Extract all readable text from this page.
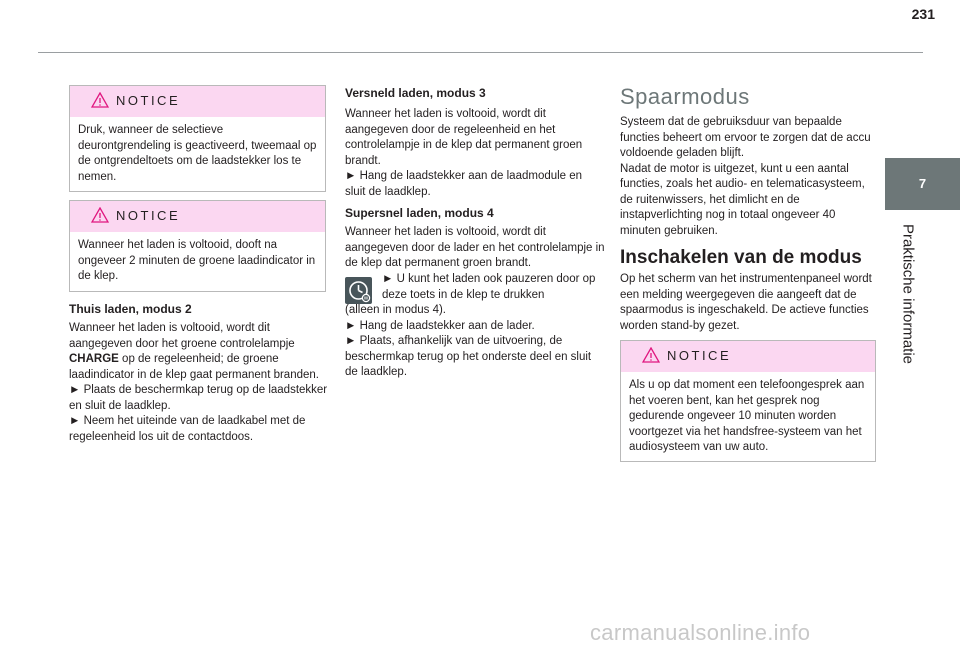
231
7
Praktische informatie
NOTICE
Druk, wanneer de selectieve deurontgrendeling is geactiveerd, tweemaal op de ontgrendeltoets om de laadstekker los te nemen.
NOTICE
Wanneer het laden is voltooid, dooft na ongeveer 2 minuten de groene laadindicator in de klep.
Thuis laden, modus 2

Wanneer het laden is voltooid, wordt dit aangegeven door het groene controlelampje CHARGE op de regeleenheid; de groene laadindicator in de klep gaat permanent branden.

► Plaats de beschermkap terug op de laadstekker en sluit de laadklep.

► Neem het uiteinde van de laadkabel met de regeleenheid los uit de contactdoos.

Versneld laden, modus 3

Wanneer het laden is voltooid, wordt dit aangegeven door de regeleenheid en het controlelampje in de klep dat permanent groen brandt.

► Hang de laadstekker aan de laadmodule en sluit de laadklep.

Supersnel laden, modus 4
Wanneer het laden is voltooid, wordt dit aangegeven door de lader en het controlelampje in de klep dat permanent groen brandt.
► U kunt het laden ook pauzeren door op deze toets in de klep te drukken

(alleen in modus 4).

► Hang de laadstekker aan de lader.

► Plaats, afhankelijk van de uitvoering, de beschermkap terug op het onderste deel en sluit de laadklep.

Spaarmodus

Systeem dat de gebruiksduur van bepaalde functies beheert om ervoor te zorgen dat de accu voldoende geladen blijft.

Nadat de motor is uitgezet, kunt u een aantal functies, zoals het audio- en telematicasysteem, de ruitenwissers, het dimlicht en de instapverlichting nog in totaal ongeveer 40 minuten gebruiken.

Inschakelen van de modus
Op het scherm van het instrumentenpaneel wordt een melding weergegeven die aangeeft dat de spaarmodus is ingeschakeld. De actieve functies worden stand-by gezet.
NOTICE
Als u op dat moment een telefoongesprek aan het voeren bent, kan het gesprek nog gedurende ongeveer 10 minuten worden voortgezet via het handsfree-systeem van het audiosysteem van uw auto.
carmanualsonline.info
